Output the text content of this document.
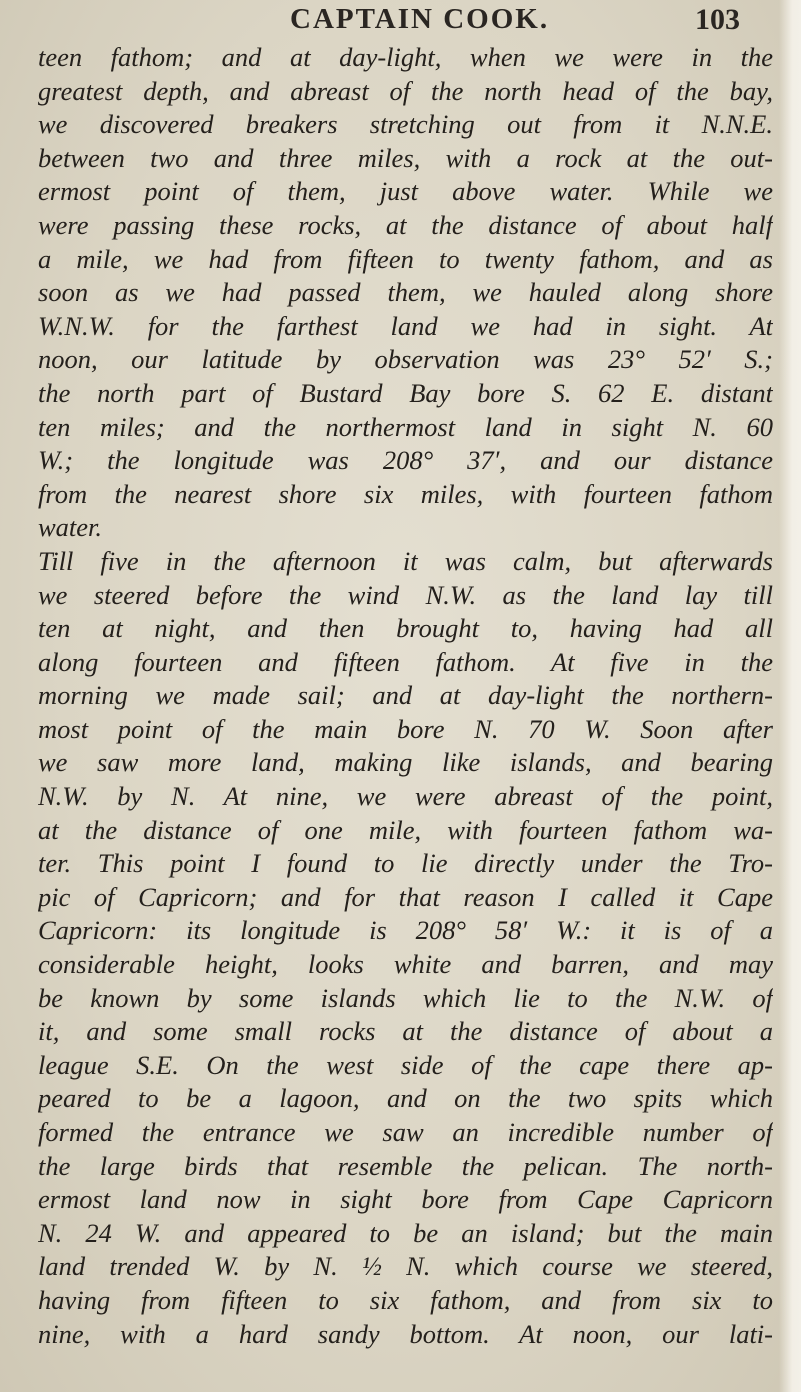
CAPTAIN COOK.	103
teen fathom; and at day-light, when we were in the
greatest depth, and abreast of the north head of the bay,
we discovered breakers stretching out from it N.N.E.
between two and three miles, with a rock at the out-
ermost point of them, just above water. While we
were passing these rocks, at the distance of about half
a mile, we had from fifteen to twenty fathom, and as
soon as we had passed them, we hauled along shore
W.N.W. for the farthest land we had in sight. At
noon, our latitude by observation was 23° 52′ S.;
the north part of Bustard Bay bore S. 62 E. distant
ten miles; and the northermost land in sight N. 60
W.; the longitude was 208° 37′, and our distance
from the nearest shore six miles, with fourteen fathom
water.
Till five in the afternoon it was calm, but afterwards
we steered before the wind N.W. as the land lay till
ten at night, and then brought to, having had all
along fourteen and fifteen fathom. At five in the
morning we made sail; and at day-light the northern-
most point of the main bore N. 70 W. Soon after
we saw more land, making like islands, and bearing
N.W. by N. At nine, we were abreast of the point,
at the distance of one mile, with fourteen fathom wa-
ter. This point I found to lie directly under the Tro-
pic of Capricorn; and for that reason I called it Cape
Capricorn: its longitude is 208° 58′ W.: it is of a
considerable height, looks white and barren, and may
be known by some islands which lie to the N.W. of
it, and some small rocks at the distance of about a
league S.E. On the west side of the cape there ap-
peared to be a lagoon, and on the two spits which
formed the entrance we saw an incredible number of
the large birds that resemble the pelican. The north-
ermost land now in sight bore from Cape Capricorn
N. 24 W. and appeared to be an island; but the main
land trended W. by N. ½ N. which course we steered,
having from fifteen to six fathom, and from six to
nine, with a hard sandy bottom. At noon, our lati-
